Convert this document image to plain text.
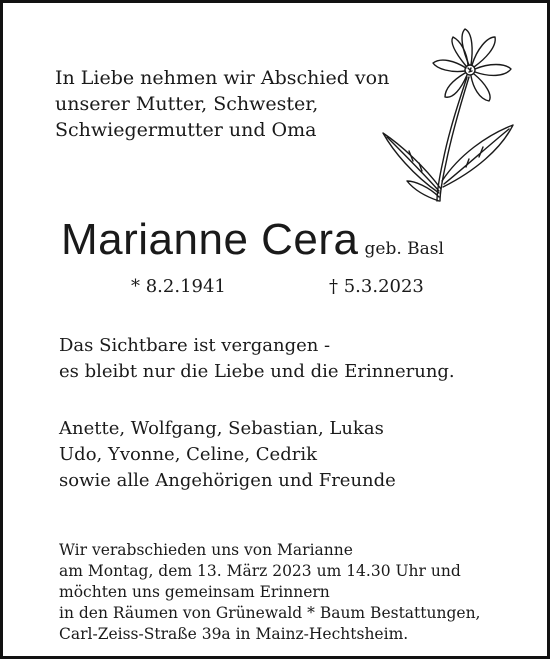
In Liebe nehmen wir Abschied von
unserer Mutter, Schwester,
Schwiegermutter und Oma
Marianne Cera geb. Basl
* 8.2.1941	† 5.3.2023
Das Sichtbare ist vergangen -
es bleibt nur die Liebe und die Erinnerung.
Anette, Wolfgang, Sebastian, Lukas
Udo, Yvonne, Celine, Cedrik
sowie alle Angehörigen und Freunde
Wir verabschieden uns von Marianne
am Montag, dem 13. März 2023 um 14.30 Uhr und
möchten uns gemeinsam Erinnern
in den Räumen von Grünewald * Baum Bestattungen,
Carl-Zeiss-Straße 39a in Mainz-Hechtsheim.
